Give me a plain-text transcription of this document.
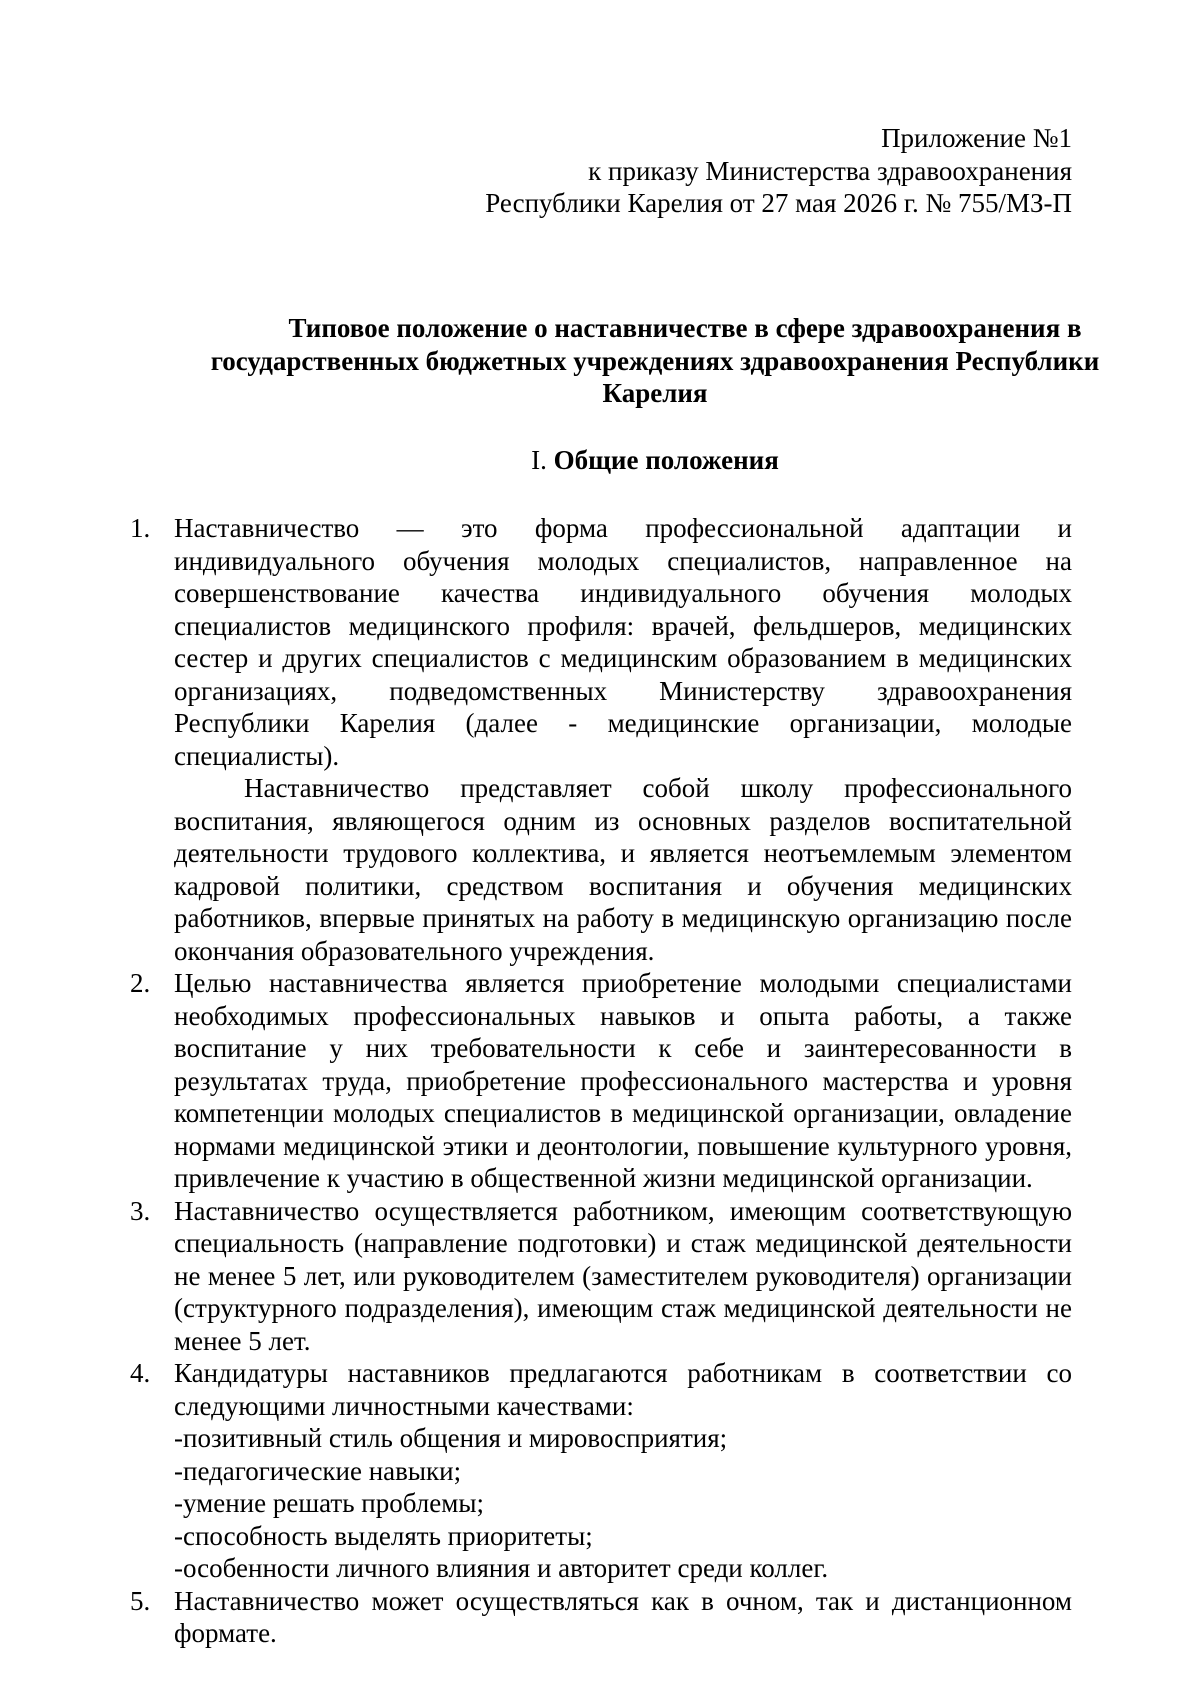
Приложение №1
к приказу Министерства здравоохранения
Республики Карелия от 27 мая 2026 г. № 755/МЗ-П
Типовое положение о наставничестве в сфере здравоохранения в
государственных бюджетных учреждениях здравоохранения Республики
Карелия
I. Общие положения
1. Наставничество — это форма профессиональной адаптации и индивидуального обучения молодых специалистов, направленное на совершенствование качества индивидуального обучения молодых специалистов медицинского профиля: врачей, фельдшеров, медицинских сестер и других специалистов с медицинским образованием в медицинских организациях, подведомственных Министерству здравоохранения Республики Карелия (далее - медицинские организации, молодые специалисты).
Наставничество представляет собой школу профессионального воспитания, являющегося одним из основных разделов воспитательной деятельности трудового коллектива, и является неотъемлемым элементом кадровой политики, средством воспитания и обучения медицинских работников, впервые принятых на работу в медицинскую организацию после окончания образовательного учреждения.
2. Целью наставничества является приобретение молодыми специалистами необходимых профессиональных навыков и опыта работы, а также воспитание у них требовательности к себе и заинтересованности в результатах труда, приобретение профессионального мастерства и уровня компетенции молодых специалистов в медицинской организации, овладение нормами медицинской этики и деонтологии, повышение культурного уровня, привлечение к участию в общественной жизни медицинской организации.
3. Наставничество осуществляется работником, имеющим соответствующую специальность (направление подготовки) и стаж медицинской деятельности не менее 5 лет, или руководителем (заместителем руководителя) организации (структурного подразделения), имеющим стаж медицинской деятельности не менее 5 лет.
4. Кандидатуры наставников предлагаются работникам в соответствии со следующими личностными качествами:
-позитивный стиль общения и мировосприятия;
-педагогические навыки;
-умение решать проблемы;
-способность выделять приоритеты;
-особенности личного влияния и авторитет среди коллег.
5. Наставничество может осуществляться как в очном, так и дистанционном формате.
